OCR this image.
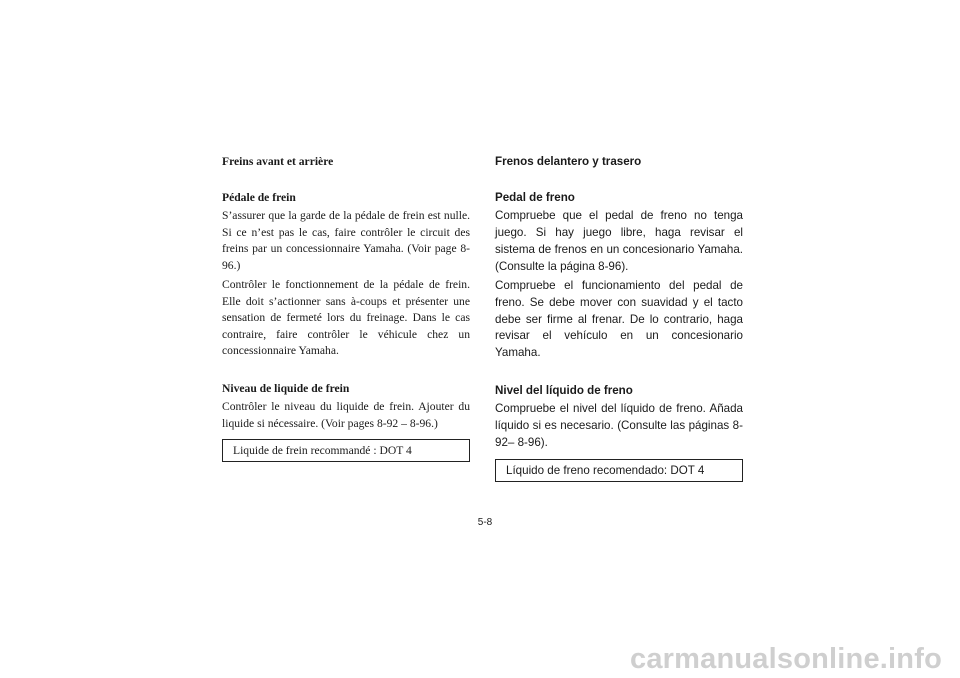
Freins avant et arrière
Pédale de frein

S’assurer que la garde de la pédale de frein est nulle. Si ce n’est pas le cas, faire contrôler le circuit des freins par un concessionnaire Yamaha. (Voir page 8-96.)

Contrôler le fonctionnement de la pédale de frein. Elle doit s’actionner sans à-coups et présenter une sensation de fermeté lors du freinage. Dans le cas contraire, faire contrôler le véhicule chez un concessionnaire Yamaha.

Niveau de liquide de frein

Contrôler le niveau du liquide de frein. Ajouter du liquide si nécessaire. (Voir pages 8-92 – 8-96.)

Liquide de frein recommandé : DOT 4
Frenos delantero y trasero
Pedal de freno

Compruebe que el pedal de freno no tenga juego. Si hay juego libre, haga revisar el sistema de frenos en un concesionario Yamaha. (Consulte la página 8-96).

Compruebe el funcionamiento del pedal de freno. Se debe mover con suavidad y el tacto debe ser firme al frenar. De lo contrario, haga revisar el vehículo en un concesionario Yamaha.

Nivel del líquido de freno

Compruebe el nivel del líquido de freno. Añada líquido si es necesario. (Consulte las páginas 8-92– 8-96).

Líquido de freno recomendado: DOT 4
5-8
carmanualsonline.info
